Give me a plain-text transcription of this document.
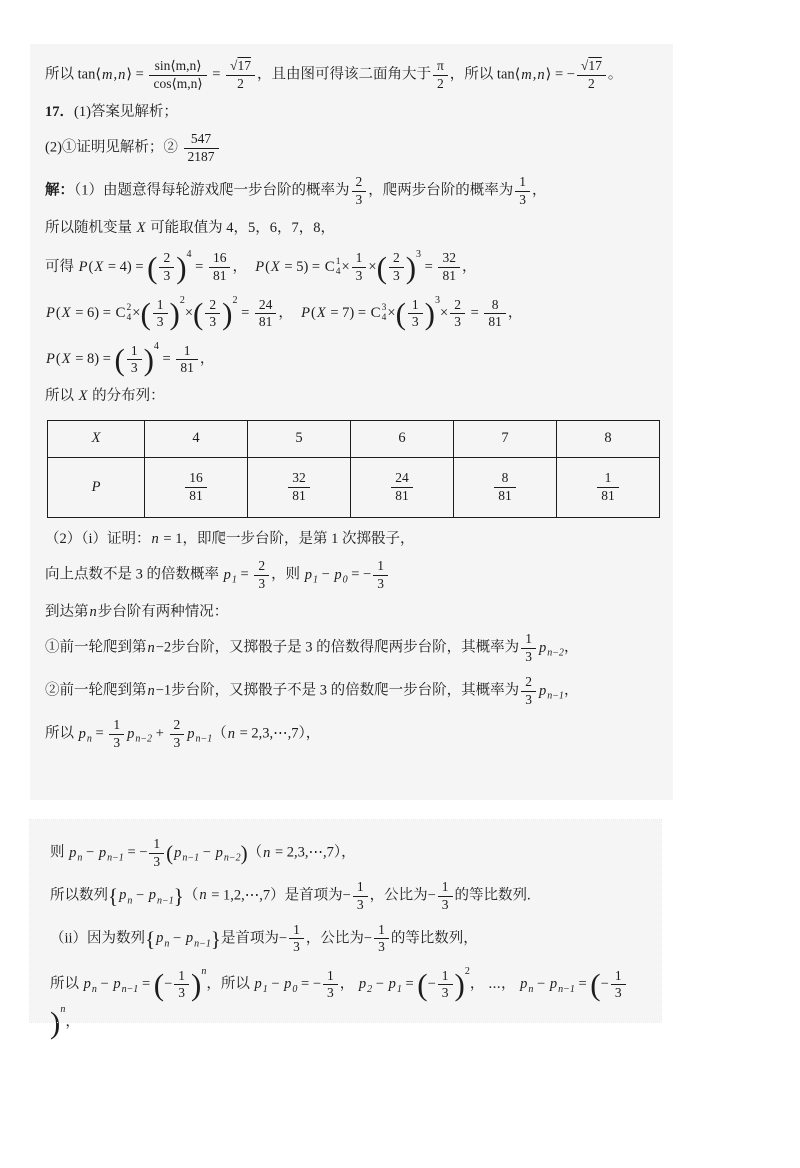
所以 tan⟨m,n⟩ = $\frac{\sin⟨m,n⟩}{\cos⟨m,n⟩} = \frac{√17}{2}$ ，且由图可得该二面角大于 $\frac{\pi}{2}$ ，所以 tan⟨m,n⟩ = − $\frac{√17}{2}$ 。
17．(1)答案见解析；
(2)①证明见解析；② $\frac{547}{2187}$
解：（1）由题意得每轮游戏爬一步台阶的概率为 $\frac{2}{3}$ ，爬两步台阶的概率为 $\frac{1}{3}$ ，
所以随机变量 X 可能取值为 4，5，6，7，8，
可得 P(X = 4) = ( $\frac{2}{3} )^4 = \frac{16}{81}$ ，　P(X = 5) = C 1
$4 \times \frac{1}{3}$ ×( $\frac{2}{3} )^3 = \frac{32}{81}$ ，
P(X = 6) = C 2
4 ×( $\frac{1}{3} )^2\times( \frac{2}{3} )^2 = \frac{24}{81}$ ，　P(X = 7) = C 3
4 ×( $\frac{1}{3} )^3\times \frac{2}{3} = \frac{8}{81}$ ，
P(X = 8) = ( $\frac{1}{3} )^4 = \frac{1}{81}$ ，
所以 X 的分布列：
X	4	5	6	7	8
P	$\frac{16}{81}$	$\frac{32}{81}$	$\frac{24}{81}$	$\frac{8}{81}$	$\frac{1}{81}$
（2）（i）证明：n = 1，即爬一步台阶，是第 1 次掷骰子，
向上点数不是 3 的倍数概率 $p_1 = \frac{2}{3}$ ，则 $p_1 - p_0$ = − $\frac{1}{3}$
到达第n步台阶有两种情况：
①前一轮爬到第n−2步台阶，又掷骰子是 3 的倍数得爬两步台阶，其概率为 $\frac{1}{3} p_{n-2}$，
②前一轮爬到第n−1步台阶，又掷骰子不是 3 的倍数爬一步台阶，其概率为 $\frac{2}{3} p_{n-1}$，
所以 $p_n = \frac{1}{3} p_{n-2} + \frac{2}{3} p_{n-1}(n$ = 2,3,⋯,7），
则 $p_n - p_{n-1}$ = − $\frac{1}{3} (p_{n-1} - p_{n-2})(n$ = 2,3,⋯,7），
所以数列$\{p_n - p_{n-1}\}(n$ = 1,2,⋯,7）是首项为− $\frac{1}{3}$ ，公比为− $\frac{1}{3}$ 的等比数列.
（ii）因为数列$\{p_n - p_{n-1}\}$是首项为− $\frac{1}{3}$ ，公比为− $\frac{1}{3}$ 的等比数列，
所以 $p_n - p_{n-1}$ = (− $\frac{1}{3} )^n$，所以 $p_1 - p_0$ = − $\frac{1}{3}$ ， $p_2 - p_1$ = (− $\frac{1}{3} )^2$， ⋯， $p_n - p_{n-1}$ = (− $\frac{1}{3}$
)$^n$，
